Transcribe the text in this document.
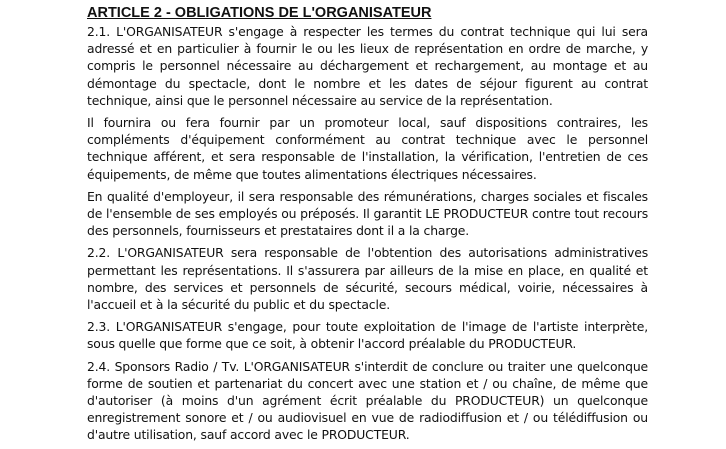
ARTICLE 2 - OBLIGATIONS DE L'ORGANISATEUR

2.1. L'ORGANISATEUR s'engage à respecter les termes du contrat technique qui lui sera adressé et en particulier à fournir le ou les lieux de représentation en ordre de marche, y compris le personnel nécessaire au déchargement et rechargement, au montage et au démontage du spectacle, dont le nombre et les dates de séjour figurent au contrat technique, ainsi que le personnel nécessaire au service de la représentation.

Il fournira ou fera fournir par un promoteur local, sauf dispositions contraires, les compléments d'équipement conformément au contrat technique avec le personnel technique afférent, et sera responsable de l'installation, la vérification, l'entretien de ces équipements, de même que toutes alimentations électriques nécessaires.

En qualité d'employeur, il sera responsable des rémunérations, charges sociales et fiscales de l'ensemble de ses employés ou préposés. Il garantit LE PRODUCTEUR contre tout recours des personnels, fournisseurs et prestataires dont il a la charge.

2.2. L'ORGANISATEUR sera responsable de l'obtention des autorisations administratives permettant les représentations. Il s'assurera par ailleurs de la mise en place, en qualité et nombre, des services et personnels de sécurité, secours médical, voirie, nécessaires à l'accueil et à la sécurité du public et du spectacle.

2.3. L'ORGANISATEUR s'engage, pour toute exploitation de l'image de l'artiste interprète, sous quelle que forme que ce soit, à obtenir l'accord préalable du PRODUCTEUR.

2.4. Sponsors Radio / Tv. L'ORGANISATEUR s'interdit de conclure ou traiter une quelconque forme de soutien et partenariat du concert avec une station et / ou chaîne, de même que d'autoriser (à moins d'un agrément écrit préalable du PRODUCTEUR) un quelconque enregistrement sonore et / ou audiovisuel en vue de radiodiffusion et / ou télédiffusion ou d'autre utilisation, sauf accord avec le PRODUCTEUR.
